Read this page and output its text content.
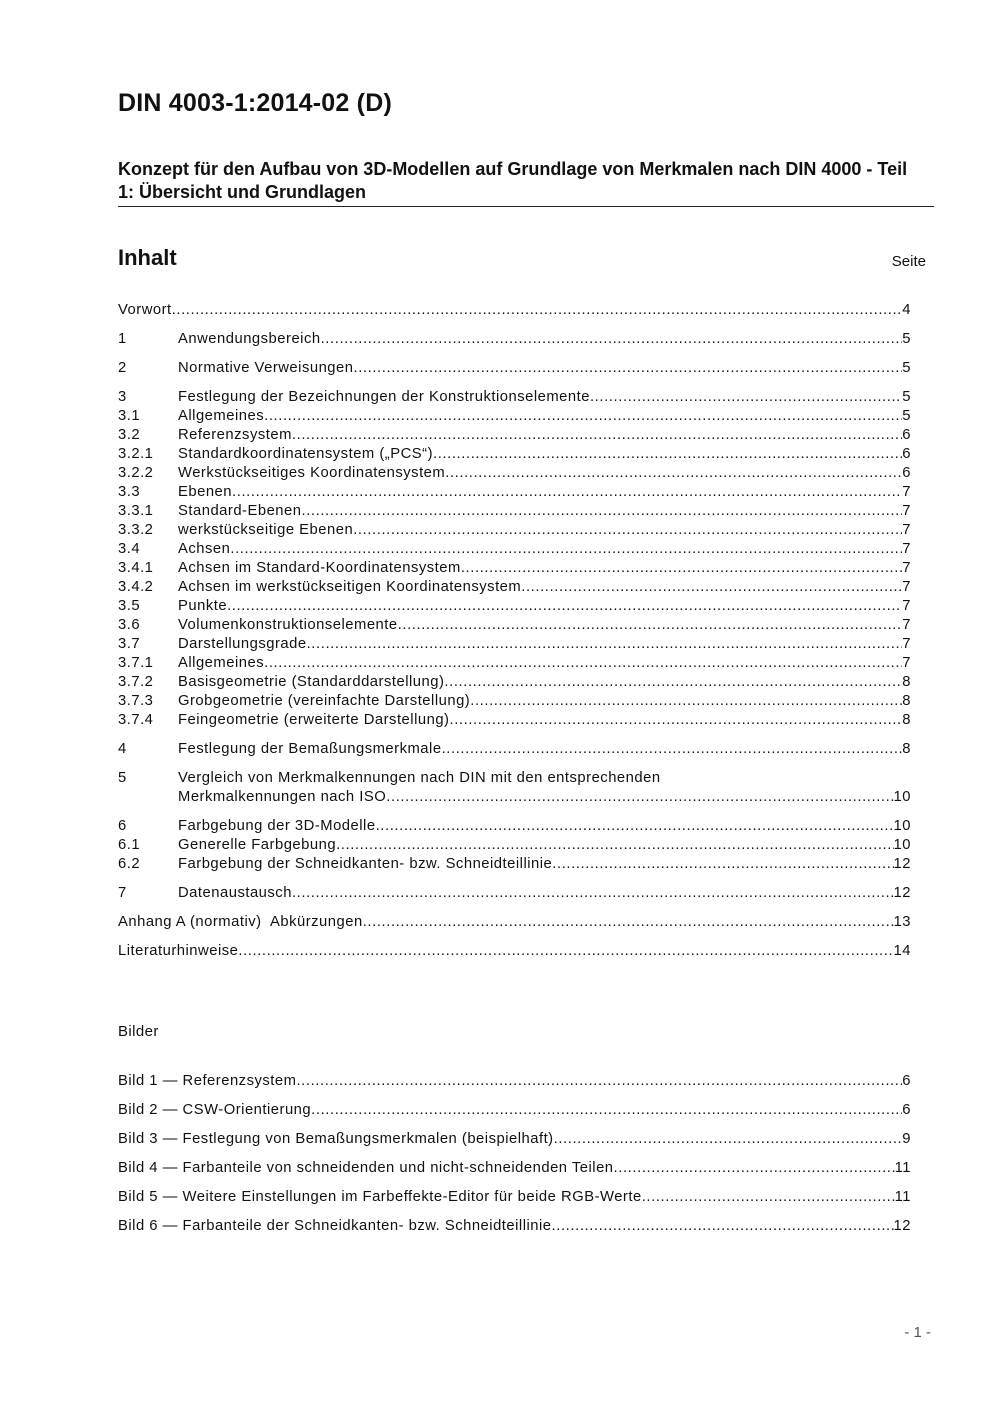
DIN 4003-1:2014-02 (D)
Konzept für den Aufbau von 3D-Modellen auf Grundlage von Merkmalen nach DIN 4000 - Teil 1: Übersicht und Grundlagen
Inhalt	Seite
Vorwort .....	4
1	Anwendungsbereich .....	5
2	Normative Verweisungen .....	5
3	Festlegung der Bezeichnungen der Konstruktionselemente .....	5
3.1	Allgemeines .....	5
3.2	Referenzsystem .....	6
3.2.1	Standardkoordinatensystem („PCS“) .....	6
3.2.2	Werkstückseitiges Koordinatensystem .....	6
3.3	Ebenen .....	7
3.3.1	Standard-Ebenen .....	7
3.3.2	werkstückseitige Ebenen .....	7
3.4	Achsen .....	7
3.4.1	Achsen im Standard-Koordinatensystem .....	7
3.4.2	Achsen im werkstückseitigen Koordinatensystem .....	7
3.5	Punkte .....	7
3.6	Volumenkonstruktionselemente .....	7
3.7	Darstellungsgrade .....	7
3.7.1	Allgemeines .....	7
3.7.2	Basisgeometrie (Standarddarstellung) .....	8
3.7.3	Grobgeometrie (vereinfachte Darstellung) .....	8
3.7.4	Feingeometrie (erweiterte Darstellung) .....	8
4	Festlegung der Bemaßungsmerkmale .....	8
5	Vergleich von Merkmalkennungen nach DIN mit den entsprechenden
Merkmalkennungen nach ISO .....	10
6	Farbgebung der 3D-Modelle .....	10
6.1	Generelle Farbgebung .....	10
6.2	Farbgebung der Schneidkanten- bzw. Schneidteillinie .....	12
7	Datenaustausch .....	12
Anhang A (normativ)  Abkürzungen .....	13
Literaturhinweise .....	14
Bilder
Bild 1 — Referenzsystem .....	6
Bild 2 — CSW-Orientierung .....	6
Bild 3 — Festlegung von Bemaßungsmerkmalen (beispielhaft) .....	9
Bild 4 — Farbanteile von schneidenden und nicht-schneidenden Teilen .....	11
Bild 5 — Weitere Einstellungen im Farbeffekte-Editor für beide RGB-Werte .....	11
Bild 6 — Farbanteile der Schneidkanten- bzw. Schneidteillinie .....	12
- 1 -
